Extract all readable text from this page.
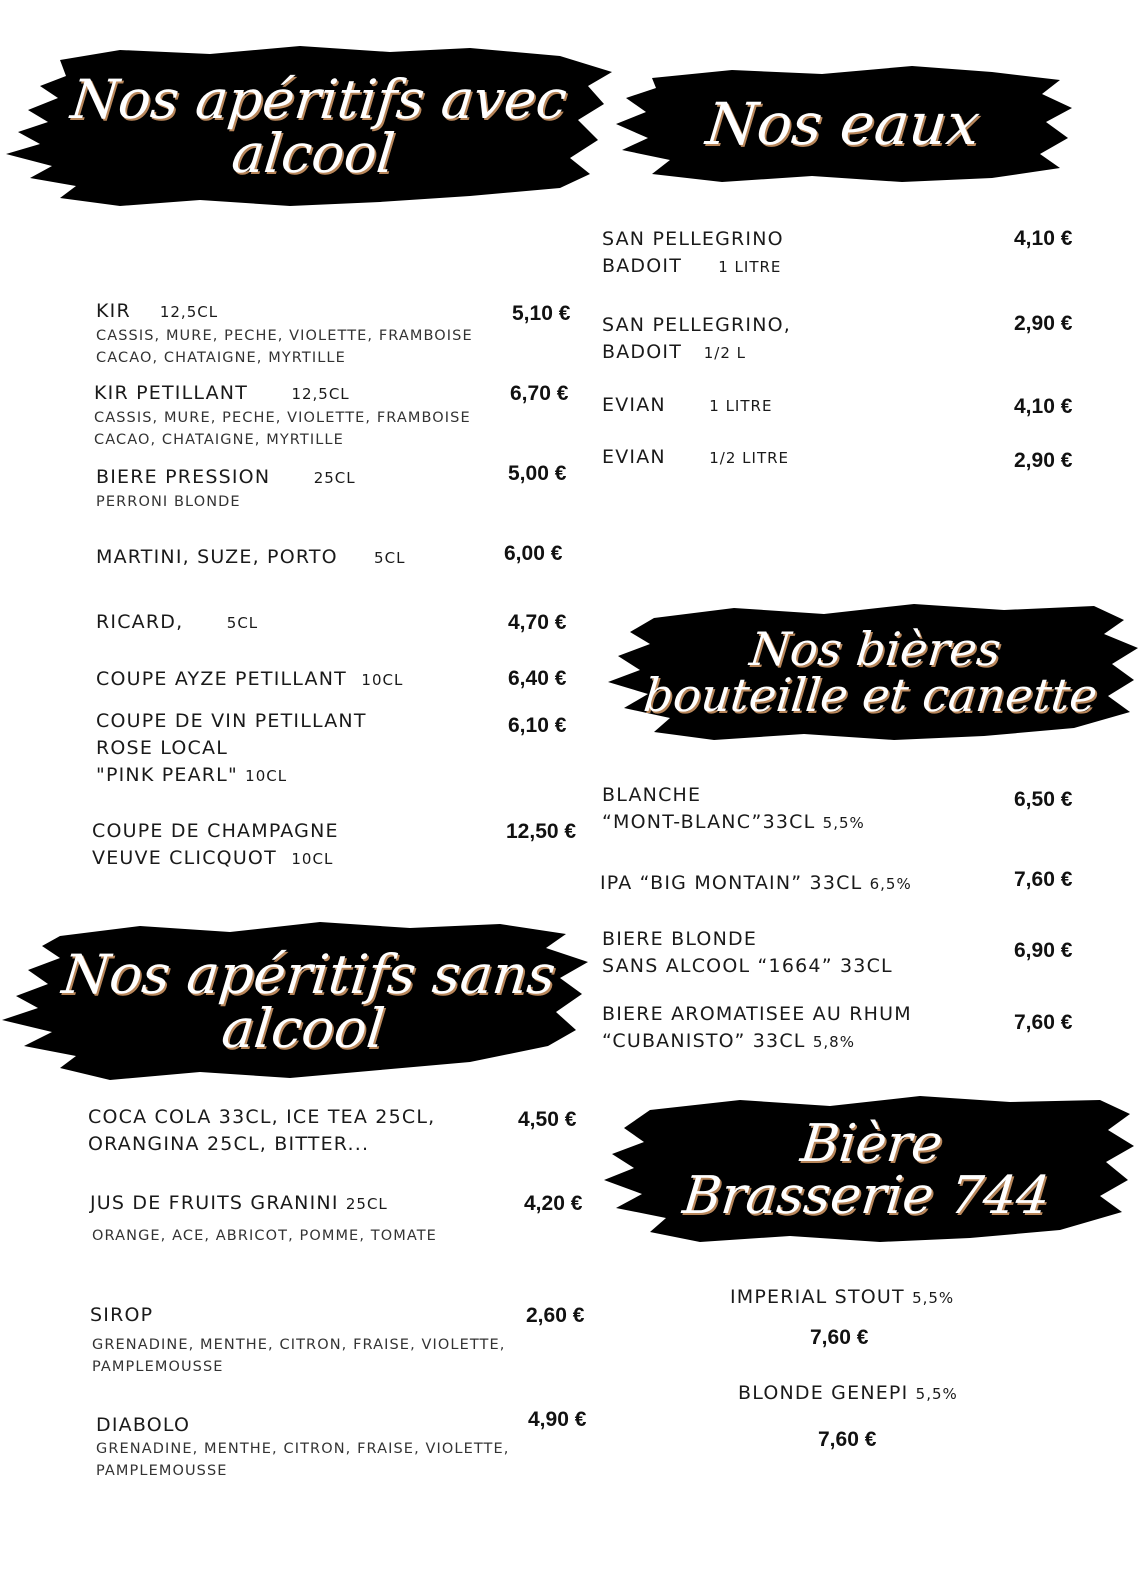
Nos apéritifs avec
alcool	Nos eaux
Nos bières
bouteille et canette
Nos apéritifs sans
alcool
Bière
Brasserie 744
KIR 12,5CL
CASSIS, MURE, PECHE, VIOLETTE, FRAMBOISE
CACAO, CHATAIGNE, MYRTILLE
5,10 €
KIR PETILLANT	12,5CL
CASSIS, MURE, PECHE, VIOLETTE, FRAMBOISE
CACAO, CHATAIGNE, MYRTILLE
6,70 €
BIERE PRESSION	25CL
PERRONI BLONDE
5,00 €
MARTINI, SUZE, PORTO 5CL	6,00 €
RICARD,	5CL	4,70 €
COUPE AYZE PETILLANT 10CL	6,40 €
COUPE DE VIN PETILLANT
ROSE LOCAL
"PINK PEARL" 10CL
6,10 €
COUPE DE CHAMPAGNE
VEUVE CLICQUOT 10CL
12,50 €
SAN PELLEGRINO
BADOIT 1 LITRE
4,10 €
SAN PELLEGRINO,
BADOIT 1/2 L
2,90 €
EVIAN	1 LITRE	4,10 €
EVIAN	1/2 LITRE	2,90 €
BLANCHE
“MONT-BLANC”33CL 5,5%
6,50 €
IPA “BIG MONTAIN” 33CL 6,5%	7,60 €
BIERE BLONDE
SANS ALCOOL “1664” 33CL
6,90 €
BIERE AROMATISEE AU RHUM
“CUBANISTO” 33CL 5,8%
7,60 €
COCA COLA 33CL, ICE TEA 25CL,
ORANGINA 25CL, BITTER...
4,50 €
JUS DE FRUITS GRANINI 25CL
ORANGE, ACE, ABRICOT, POMME, TOMATE
4,20 €
SIROP
GRENADINE, MENTHE, CITRON, FRAISE, VIOLETTE,
PAMPLEMOUSSE
2,60 €
DIABOLO
GRENADINE, MENTHE, CITRON, FRAISE, VIOLETTE,
PAMPLEMOUSSE
4,90 €
IMPERIAL STOUT 5,5%
7,60 €
BLONDE GENEPI 5,5%
7,60 €
